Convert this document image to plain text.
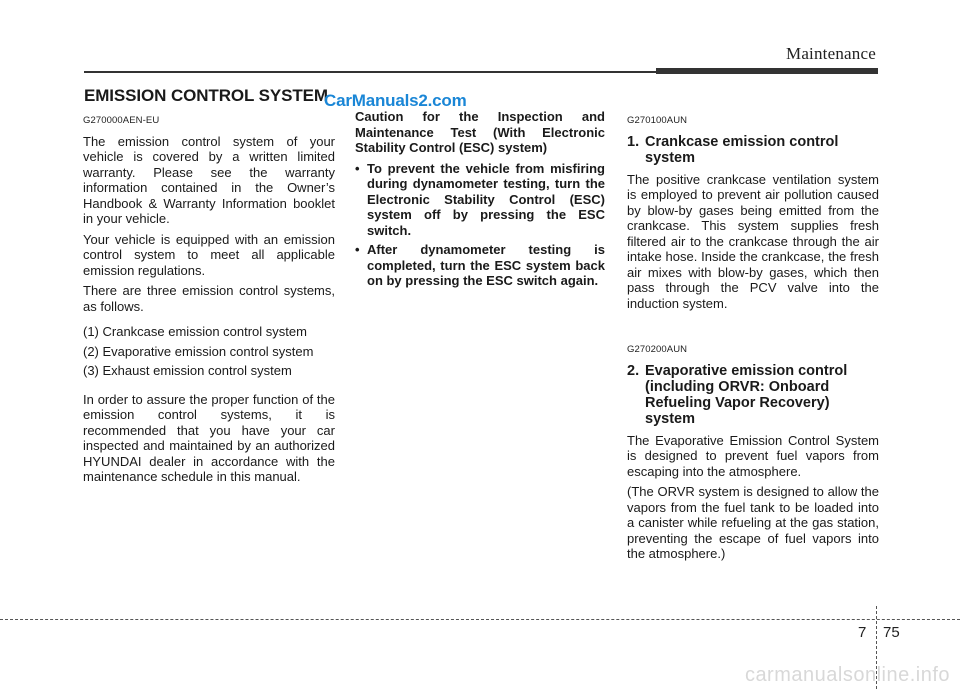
Maintenance
EMISSION CONTROL SYSTEM
CarManuals2.com
G270000AEN-EU

The emission control system of your vehicle is covered by a written limited warranty. Please see the warranty information contained in the Owner’s Handbook & Warranty Information booklet in your vehicle.

Your vehicle is equipped with an emission control system to meet all applicable emission regulations.

There are three emission control systems, as follows.

(1) Crankcase emission control system
(2) Evaporative emission control system
(3) Exhaust emission control system

In order to assure the proper function of the emission control systems, it is recommended that you have your car inspected and maintained by an authorized HYUNDAI dealer in accordance with the maintenance schedule in this manual.

Caution for the Inspection and Maintenance Test (With Electronic Stability Control (ESC) system)

• To prevent the vehicle from misfiring during dynamometer testing, turn the Electronic Stability Control (ESC) system off by pressing the ESC switch.
• After dynamometer testing is completed, turn the ESC system back on by pressing the ESC switch again.
G270100AUN
1. Crankcase emission control system

The positive crankcase ventilation system is employed to prevent air pollution caused by blow-by gases being emitted from the crankcase. This system supplies fresh filtered air to the crankcase through the air intake hose. Inside the crankcase, the fresh air mixes with blow-by gases, which then pass through the PCV valve into the induction system.

G270200AUN
2. Evaporative emission control (including ORVR: Onboard Refueling Vapor Recovery) system

The Evaporative Emission Control System is designed to prevent fuel vapors from escaping into the atmosphere.

(The ORVR system is designed to allow the vapors from the fuel tank to be loaded into a canister while refueling at the gas station, preventing the escape of fuel vapors into the atmosphere.)

7 75
carmanualsonline.info
